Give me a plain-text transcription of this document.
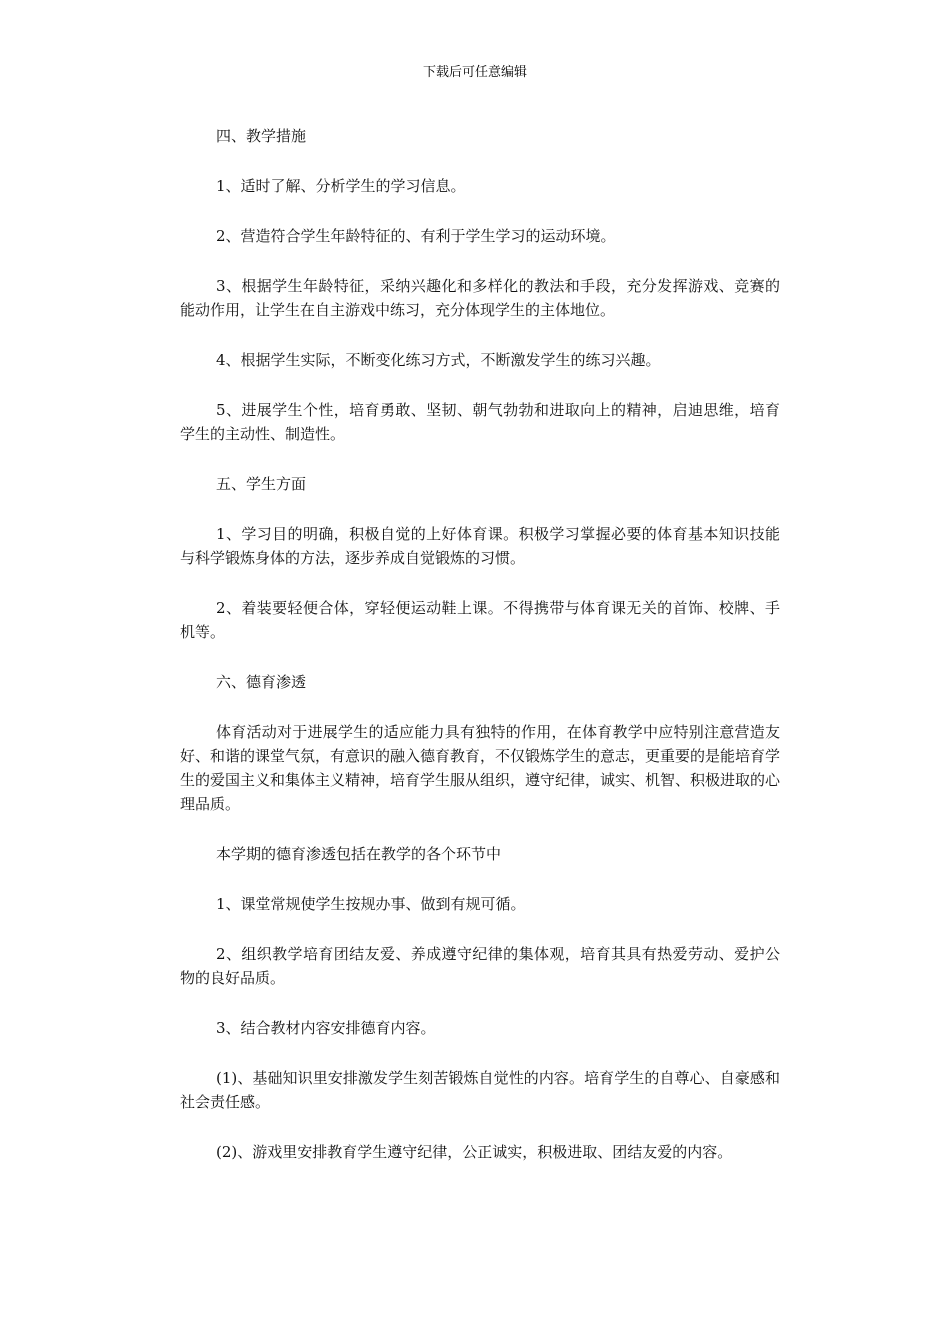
下载后可任意编辑

四、教学措施

1、适时了解、分析学生的学习信息。

2、营造符合学生年龄特征的、有利于学生学习的运动环境。

3、根据学生年龄特征，采纳兴趣化和多样化的教法和手段，充分发挥游戏、竞赛的能动作用，让学生在自主游戏中练习，充分体现学生的主体地位。

4、根据学生实际，不断变化练习方式，不断激发学生的练习兴趣。

5、进展学生个性，培育勇敢、坚韧、朝气勃勃和进取向上的精神，启迪思维，培育学生的主动性、制造性。

五、学生方面

1、学习目的明确，积极自觉的上好体育课。积极学习掌握必要的体育基本知识技能与科学锻炼身体的方法，逐步养成自觉锻炼的习惯。

2、着装要轻便合体，穿轻便运动鞋上课。不得携带与体育课无关的首饰、校牌、手机等。

六、德育渗透

体育活动对于进展学生的适应能力具有独特的作用，在体育教学中应特别注意营造友好、和谐的课堂气氛，有意识的融入德育教育，不仅锻炼学生的意志，更重要的是能培育学生的爱国主义和集体主义精神，培育学生服从组织，遵守纪律，诚实、机智、积极进取的心理品质。

本学期的德育渗透包括在教学的各个环节中

1、课堂常规使学生按规办事、做到有规可循。

2、组织教学培育团结友爱、养成遵守纪律的集体观，培育其具有热爱劳动、爱护公物的良好品质。

3、结合教材内容安排德育内容。

(1)、基础知识里安排激发学生刻苦锻炼自觉性的内容。培育学生的自尊心、自豪感和社会责任感。

(2)、游戏里安排教育学生遵守纪律，公正诚实，积极进取、团结友爱的内容。
